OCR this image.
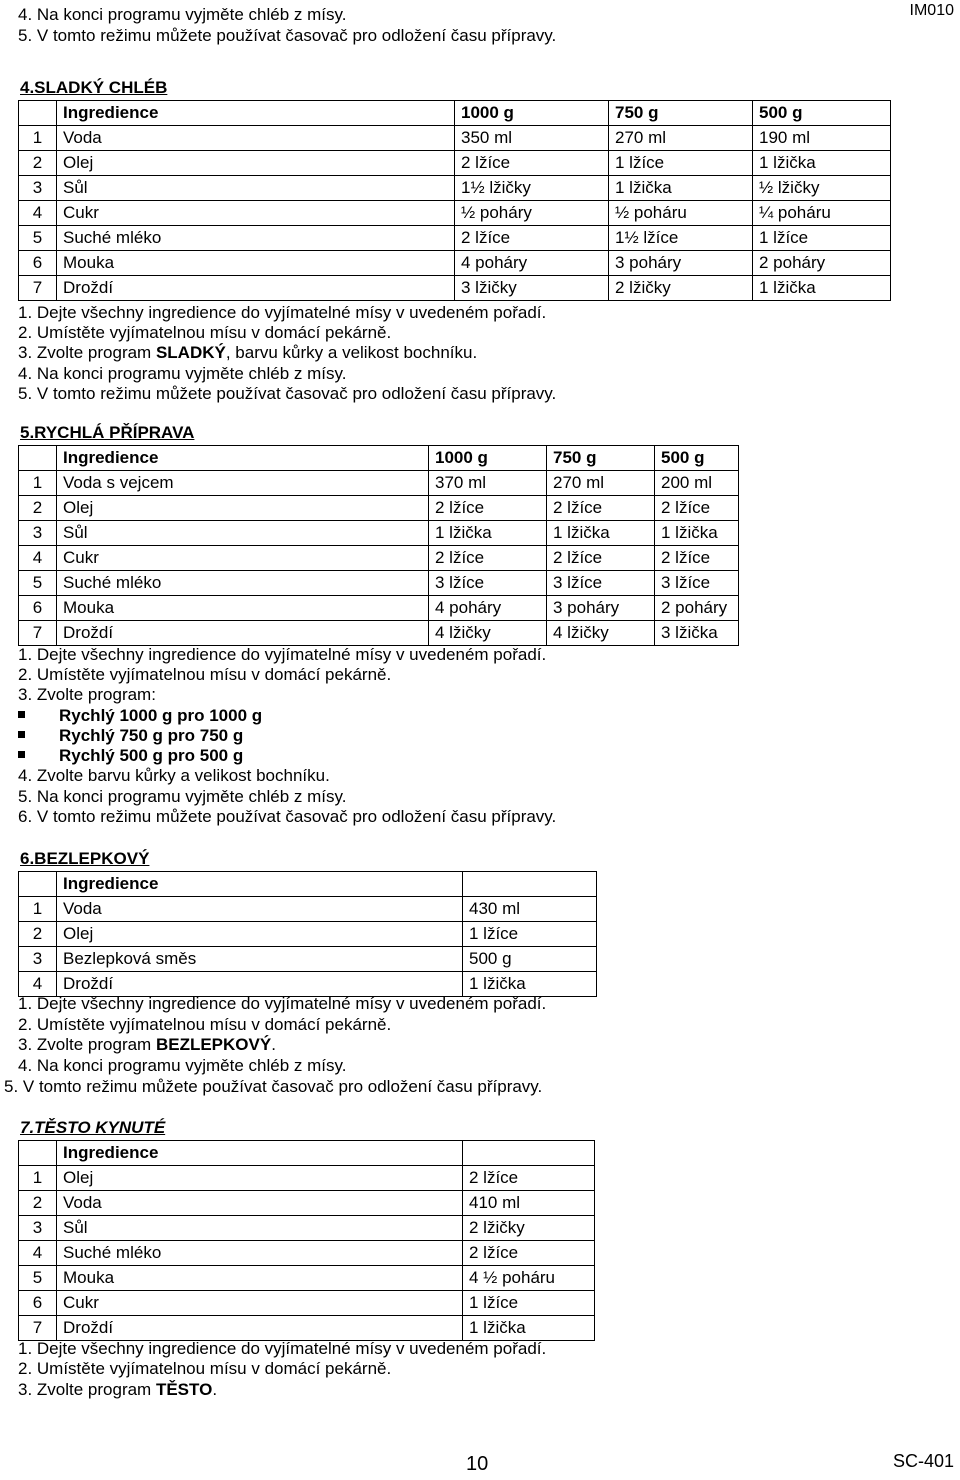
IM010
4. Na konci programu vyjměte chléb z mísy.
5. V tomto režimu můžete používat časovač pro odložení času přípravy.
4.SLADKÝ CHLÉB
	Ingredience	1000 g	750 g	500 g
1	Voda	350 ml	270 ml	190 ml
2	Olej	2 lžíce	1 lžíce	1 lžička
3	Sůl	1½ lžičky	1 lžička	½ lžičky
4	Cukr	½ poháry	½ poháru	¼ poháru
5	Suché mléko	2 lžíce	1½ lžíce	1 lžíce
6	Mouka	4 poháry	3 poháry	2 poháry
7	Droždí	3 lžičky	2 lžičky	1 lžička
1. Dejte všechny ingredience do vyjímatelné mísy v uvedeném pořadí.
2. Umístěte vyjímatelnou mísu v domácí pekárně.
3. Zvolte program SLADKÝ, barvu kůrky a velikost bochníku.
4. Na konci programu vyjměte chléb z mísy.
5. V tomto režimu můžete používat časovač pro odložení času přípravy.
5.RYCHLÁ PŘÍPRAVA
	Ingredience	1000 g	750 g	500 g
1	Voda s vejcem	370 ml	270 ml	200 ml
2	Olej	2 lžíce	2 lžíce	2 lžíce
3	Sůl	1 lžička	1 lžička	1 lžička
4	Cukr	2 lžíce	2 lžíce	2 lžíce
5	Suché mléko	3 lžíce	3 lžíce	3 lžíce
6	Mouka	4 poháry	3 poháry	2 poháry
7	Droždí	4 lžičky	4 lžičky	3 lžička
1. Dejte všechny ingredience do vyjímatelné mísy v uvedeném pořadí.
2. Umístěte vyjímatelnou mísu v domácí pekárně.
3. Zvolte program:
Rychlý 1000 g pro 1000 g
Rychlý 750 g pro 750 g
Rychlý 500 g pro 500 g
4. Zvolte barvu kůrky a velikost bochníku.
5. Na konci programu vyjměte chléb z mísy.
6. V tomto režimu můžete používat časovač pro odložení času přípravy.
6.BEZLEPKOVÝ
	Ingredience	
1	Voda	430 ml
2	Olej	1 lžíce
3	Bezlepková směs	500 g
4	Droždí	1 lžička
1. Dejte všechny ingredience do vyjímatelné mísy v uvedeném pořadí.
2. Umístěte vyjímatelnou mísu v domácí pekárně.
3. Zvolte program BEZLEPKOVÝ.
4. Na konci programu vyjměte chléb z mísy.
5. V tomto režimu můžete používat časovač pro odložení času přípravy.
7.TĚSTO KYNUTÉ
	Ingredience	
1	Olej	2 lžíce
2	Voda	410 ml
3	Sůl	2 lžičky
4	Suché mléko	2 lžíce
5	Mouka	4 ½ poháru
6	Cukr	1 lžíce
7	Droždí	1 lžička
1. Dejte všechny ingredience do vyjímatelné mísy v uvedeném pořadí.
2. Umístěte vyjímatelnou mísu v domácí pekárně.
3. Zvolte program TĚSTO.
10	SC-401
